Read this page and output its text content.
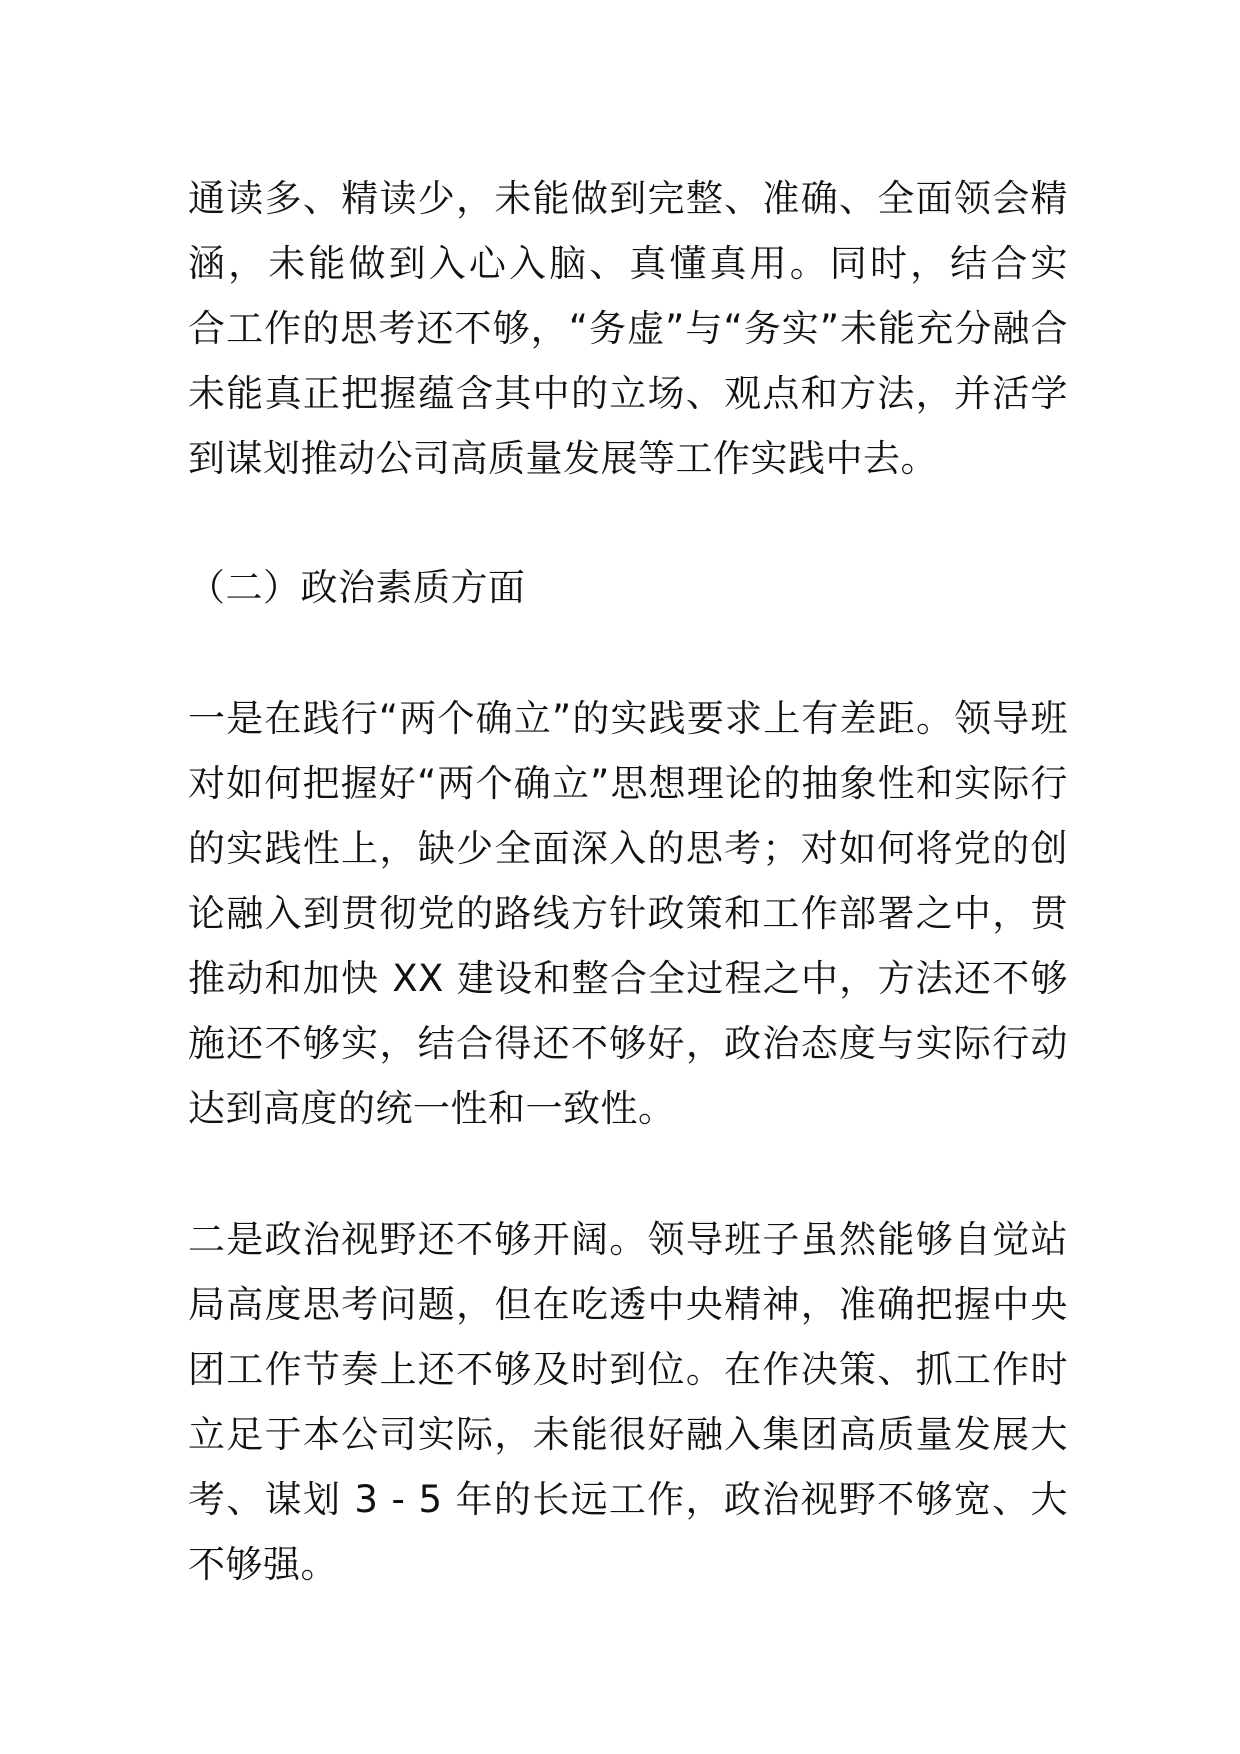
通读多、精读少，未能做到完整、准确、全面领会精
涵，未能做到入心入脑、真懂真用。同时，结合实
合工作的思考还不够，“务虚”与“务实”未能充分融合
未能真正把握蕴含其中的立场、观点和方法，并活学
到谋划推动公司高质量发展等工作实践中去。
（二）政治素质方面
一是在践行“两个确立”的实践要求上有差距。领导班
对如何把握好“两个确立”思想理论的抽象性和实际行
的实践性上，缺少全面深入的思考；对如何将党的创
论融入到贯彻党的路线方针政策和工作部署之中，贯
推动和加快 XX 建设和整合全过程之中，方法还不够
施还不够实，结合得还不够好，政治态度与实际行动
达到高度的统一性和一致性。
二是政治视野还不够开阔。领导班子虽然能够自觉站
局高度思考问题，但在吃透中央精神，准确把握中央
团工作节奏上还不够及时到位。在作决策、抓工作时
立足于本公司实际，未能很好融入集团高质量发展大
考、谋划 3 - 5 年的长远工作，政治视野不够宽、大
不够强。
